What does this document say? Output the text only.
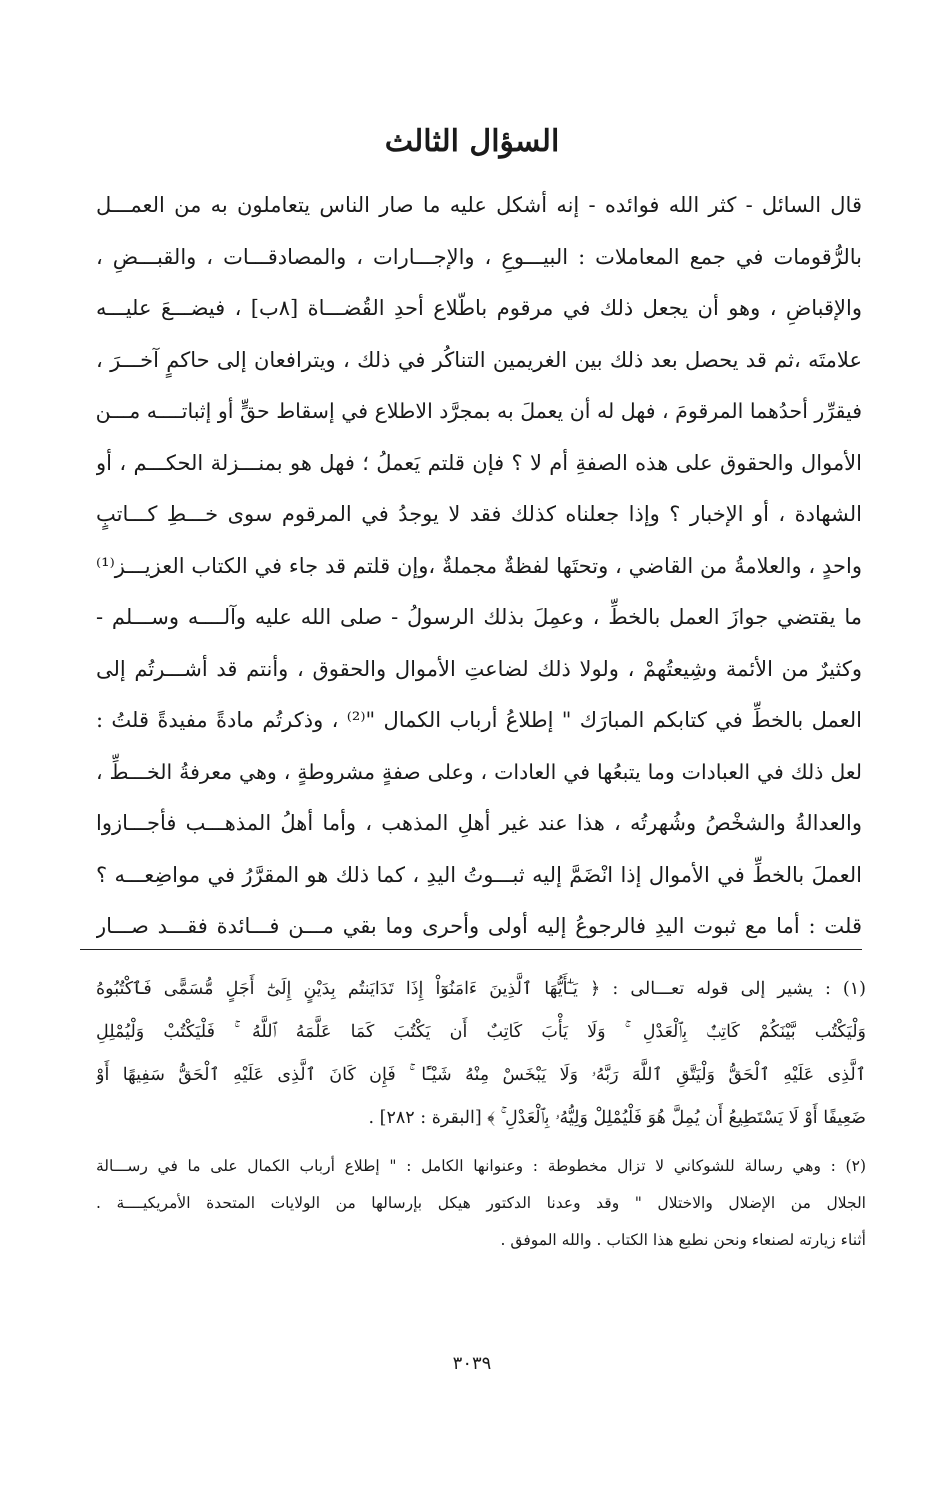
السؤال الثالث
قال السائل - كثر الله فوائده - إنه أشكل عليه ما صار الناس يتعاملون به من العمـــل
بالرُّقومات في جمع المعاملات : البيـــوعِ ، والإجـــارات ، والمصادقـــات ، والقبـــضِ ،
والإقباضِ ، وهو أن يجعل ذلك في مرقوم باطّلاع أحدِ القُضـــاة [٨ب] ، فيضـــعَ عليـــه
علامتَه ،ثم قد يحصل بعد ذلك بين الغريمين التناكُر في ذلك ، ويترافعان إلى حاكمٍ آخـــرَ ،
فيقرِّر أحدُهما المرقومَ ، فهل له أن يعملَ به بمجرَّد الاطلاع في إسقاط حقٍّ أو إثباتــــه مـــن
الأموال والحقوق على هذه الصفةِ أم لا ؟ فإن قلتم يَعملُ ؛ فهل هو بمنـــزلة الحكـــم ، أو
الشهادة ، أو الإخبار ؟ وإذا جعلناه كذلك فقد لا يوجدُ في المرقوم سوى خـــطِ كـــاتبٍ
واحدٍ ، والعلامةُ من القاضي ، وتحتَها لفظةٌ مجملةٌ ،وإن قلتم قد جاء في الكتاب العزيـــز⁽¹⁾
ما يقتضي جوازَ العمل بالخطِّ ، وعمِلَ بذلك الرسولُ - صلى الله عليه وآلــــه وســـلم -
وكثيرٌ من الأئمة وشِيعتُهمْ ، ولولا ذلك لضاعتِ الأموال والحقوق ، وأنتم قد أشـــرتُم إلى
العمل بالخطِّ في كتابكم المبارَك " إطلاعُ أرباب الكمال "⁽²⁾ ، وذكرتُم مادةً مفيدةً قلتُ :
لعل ذلك في العبادات وما يتبعُها في العادات ، وعلى صفةٍ مشروطةٍ ، وهي معرفةُ الخـــطِّ ،
والعدالةُ والشخْصُ وشُهرتُه ، هذا عند غير أهلِ المذهب ، وأما أهلُ المذهـــب فأجـــازوا
العملَ بالخطِّ في الأموال إذا انْضَمَّ إليه ثبـــوتُ اليدِ ، كما ذلك هو المقرَّرُ في مواضِعـــه ؟
قلت : أما مع ثبوت اليدِ فالرجوعُ إليه أولى وأحرى وما بقي مـــن فـــائدة فقـــد صـــار
(١) : يشير إلى قوله تعـــالى : ﴿ يَـٰٓأَيُّهَا ٱلَّذِينَ ءَامَنُوٓاْ إِذَا تَدَايَنتُم بِدَيْنٍ إِلَىٰٓ أَجَلٍ مُّسَمًّى فَٱكْتُبُوهُ
وَلْيَكْتُب بَّيْنَكُمْ كَاتِبٌۢ بِٱلْعَدْلِ ۚ وَلَا يَأْبَ كَاتِبٌ أَن يَكْتُبَ كَمَا عَلَّمَهُ ٱللَّهُ ۚ فَلْيَكْتُبْ وَلْيُمْلِلِ
ٱلَّذِى عَلَيْهِ ٱلْحَقُّ وَلْيَتَّقِ ٱللَّهَ رَبَّهُۥ وَلَا يَبْخَسْ مِنْهُ شَيْـًٔا ۚ فَإِن كَانَ ٱلَّذِى عَلَيْهِ ٱلْحَقُّ سَفِيهًا أَوْ
ضَعِيفًا أَوْ لَا يَسْتَطِيعُ أَن يُمِلَّ هُوَ فَلْيُمْلِلْ وَلِيُّهُۥ بِٱلْعَدْلِ ۚ ﴾ [البقرة : ٢٨٢] .
(٢) : وهي رسالة للشوكاني لا تزال مخطوطة : وعنوانها الكامل : " إطلاع أرباب الكمال على ما في رســـالة
الجلال من الإضلال والاختلال " وقد وعدنا الدكتور هيكل بإرسالها من الولايات المتحدة الأمريكيــــة .
أثناء زيارته لصنعاء ونحن نطبع هذا الكتاب . والله الموفق .
٣٠٣٩
